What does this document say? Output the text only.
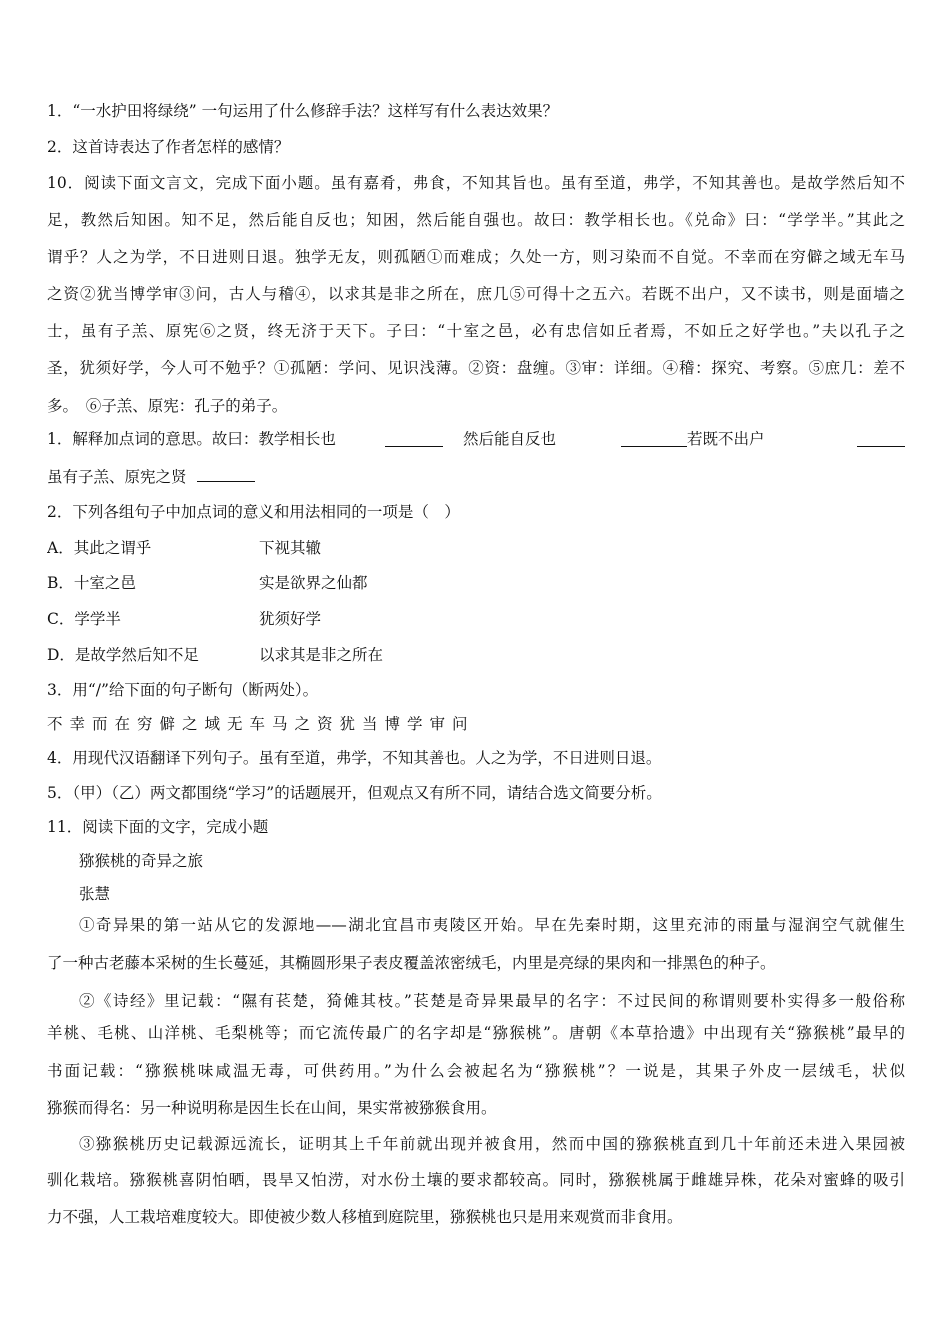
1．“一水护田将绿绕” 一句运用了什么修辞手法？这样写有什么表达效果？
2．这首诗表达了作者怎样的感情？
10．阅读下面文言文，完成下面小题。虽有嘉肴，弗食，不知其旨也。虽有至道，弗学，不知其善也。是故学然后知不
足，教然后知困。知不足，然后能自反也；知困，然后能自强也。故曰：教学相长也。《兑命》曰：“学学半。”其此之
谓乎？人之为学，不日进则日退。独学无友，则孤陋①而难成；久处一方，则习染而不自觉。不幸而在穷僻之域无车马
之资②犹当博学审③问，古人与稽④，以求其是非之所在，庶几⑤可得十之五六。若既不出户，又不读书，则是面墙之
士，虽有子羔、原宪⑥之贤，终无济于天下。子曰：“十室之邑，必有忠信如丘者焉，不如丘之好学也。”夫以孔子之
圣，犹须好学，今人可不勉乎？①孤陋：学问、见识浅薄。②资：盘缠。③审：详细。④稽：探究、考察。⑤庶几：差不
多。　⑥子羔、原宪：孔子的弟子。
1．解释加点词的意思。故曰：教学相长也	然后能自反也	若既不出户
虽有子羔、原宪之贤
2．下列各组句子中加点词的意义和用法相同的一项是（　）
A．其此之谓乎	下视其辙
B．十室之邑	实是欲界之仙都
C．学学半	犹须好学
D．是故学然后知不足	以求其是非之所在
3．用“/”给下面的句子断句（断两处）。
不幸而在穷僻之域无车马之资犹当博学审问
4．用现代汉语翻译下列句子。虽有至道，弗学，不知其善也。人之为学，不日进则日退。
5．（甲）（乙）两文都围绕“学习”的话题展开，但观点又有所不同，请结合选文简要分析。
11．阅读下面的文字，完成小题
猕猴桃的奇异之旅
张慧
①奇异果的第一站从它的发源地——湖北宜昌市夷陵区开始。早在先秦时期，这里充沛的雨量与湿润空气就催生
了一种古老藤本采树的生长蔓延，其椭圆形果子表皮覆盖浓密绒毛，内里是亮绿的果肉和一排黑色的种子。
②《诗经》里记载：“隰有苌楚，猗傩其枝。”苌楚是奇异果最早的名字：不过民间的称谓则要朴实得多一般俗称
羊桃、毛桃、山洋桃、毛梨桃等；而它流传最广的名字却是“猕猴桃”。唐朝《本草拾遗》中出现有关“猕猴桃”最早的
书面记载：“猕猴桃味咸温无毒，可供药用。”为什么会被起名为“猕猴桃”？一说是，其果子外皮一层绒毛，状似
猕猴而得名：另一种说明称是因生长在山间，果实常被猕猴食用。
③猕猴桃历史记载源远流长，证明其上千年前就出现并被食用，然而中国的猕猴桃直到几十年前还未进入果园被
驯化栽培。猕猴桃喜阴怕晒，畏旱又怕涝，对水份土壤的要求都较高。同时，猕猴桃属于雌雄异株，花朵对蜜蜂的吸引
力不强，人工栽培难度较大。即使被少数人移植到庭院里，猕猴桃也只是用来观赏而非食用。
